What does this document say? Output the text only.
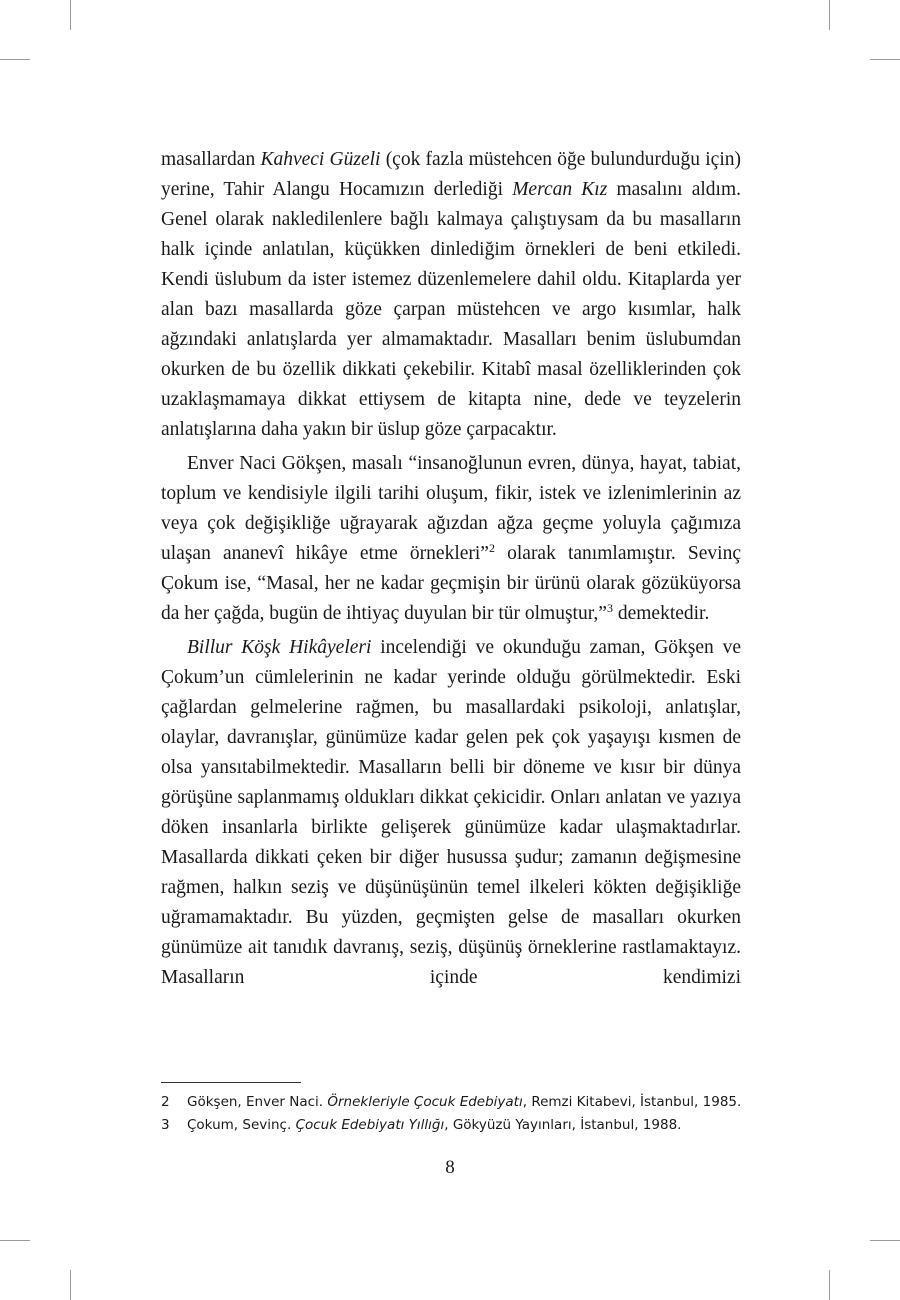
masallardan Kahveci Güzeli (çok fazla müstehcen öğe bulundurduğu için) yerine, Tahir Alangu Hocamızın derlediği Mercan Kız masalını aldım. Genel olarak nakledilenlere bağlı kalmaya çalıştıysam da bu masalların halk içinde anlatılan, küçükken dinlediğim örnekleri de beni etkiledi. Kendi üslubum da ister istemez düzenlemelere dahil oldu. Kitaplarda yer alan bazı masallarda göze çarpan müstehcen ve argo kısımlar, halk ağzındaki anlatışlarda yer almamaktadır. Masalları benim üslubumdan okurken de bu özellik dikkati çekebilir. Kitabî masal özelliklerinden çok uzaklaşmamaya dikkat ettiysem de kitapta nine, dede ve teyzelerin anlatışlarına daha yakın bir üslup göze çarpacaktır.

Enver Naci Gökşen, masalı “insanoğlunun evren, dünya, hayat, tabiat, toplum ve kendisiyle ilgili tarihi oluşum, fikir, istek ve izlenimlerinin az veya çok değişikliğe uğrayarak ağızdan ağza geçme yoluyla çağımıza ulaşan ananevî hikâye etme örnekleri”$^2$ olarak tanımlamıştır. Sevinç Çokum ise, “Masal, her ne kadar geçmişin bir ürünü olarak gözüküyorsa da her çağda, bugün de ihtiyaç duyulan bir tür olmuştur,”$^3$ demektedir.

Billur Köşk Hikâyeleri incelendiği ve okunduğu zaman, Gökşen ve Çokum’un cümlelerinin ne kadar yerinde olduğu görülmektedir. Eski çağlardan gelmelerine rağmen, bu masallardaki psikoloji, anlatışlar, olaylar, davranışlar, günümüze kadar gelen pek çok yaşayışı kısmen de olsa yansıtabilmektedir. Masalların belli bir döneme ve kısır bir dünya görüşüne saplanmamış oldukları dikkat çekicidir. Onları anlatan ve yazıya döken insanlarla birlikte gelişerek günümüze kadar ulaşmaktadırlar. Masallarda dikkati çeken bir diğer husussa şudur; zamanın değişmesine rağmen, halkın seziş ve düşünüşünün temel ilkeleri kökten değişikliğe uğramamaktadır. Bu yüzden, geçmişten gelse de masalları okurken günümüze ait tanıdık davranış, seziş, düşünüş örneklerine rastlamaktayız. Masalların içinde kendimizi

2	Gökşen, Enver Naci. Örnekleriyle Çocuk Edebiyatı, Remzi Kitabevi, İstanbul, 1985.
3	Çokum, Sevinç. Çocuk Edebiyatı Yıllığı, Gökyüzü Yayınları, İstanbul, 1988.
8
